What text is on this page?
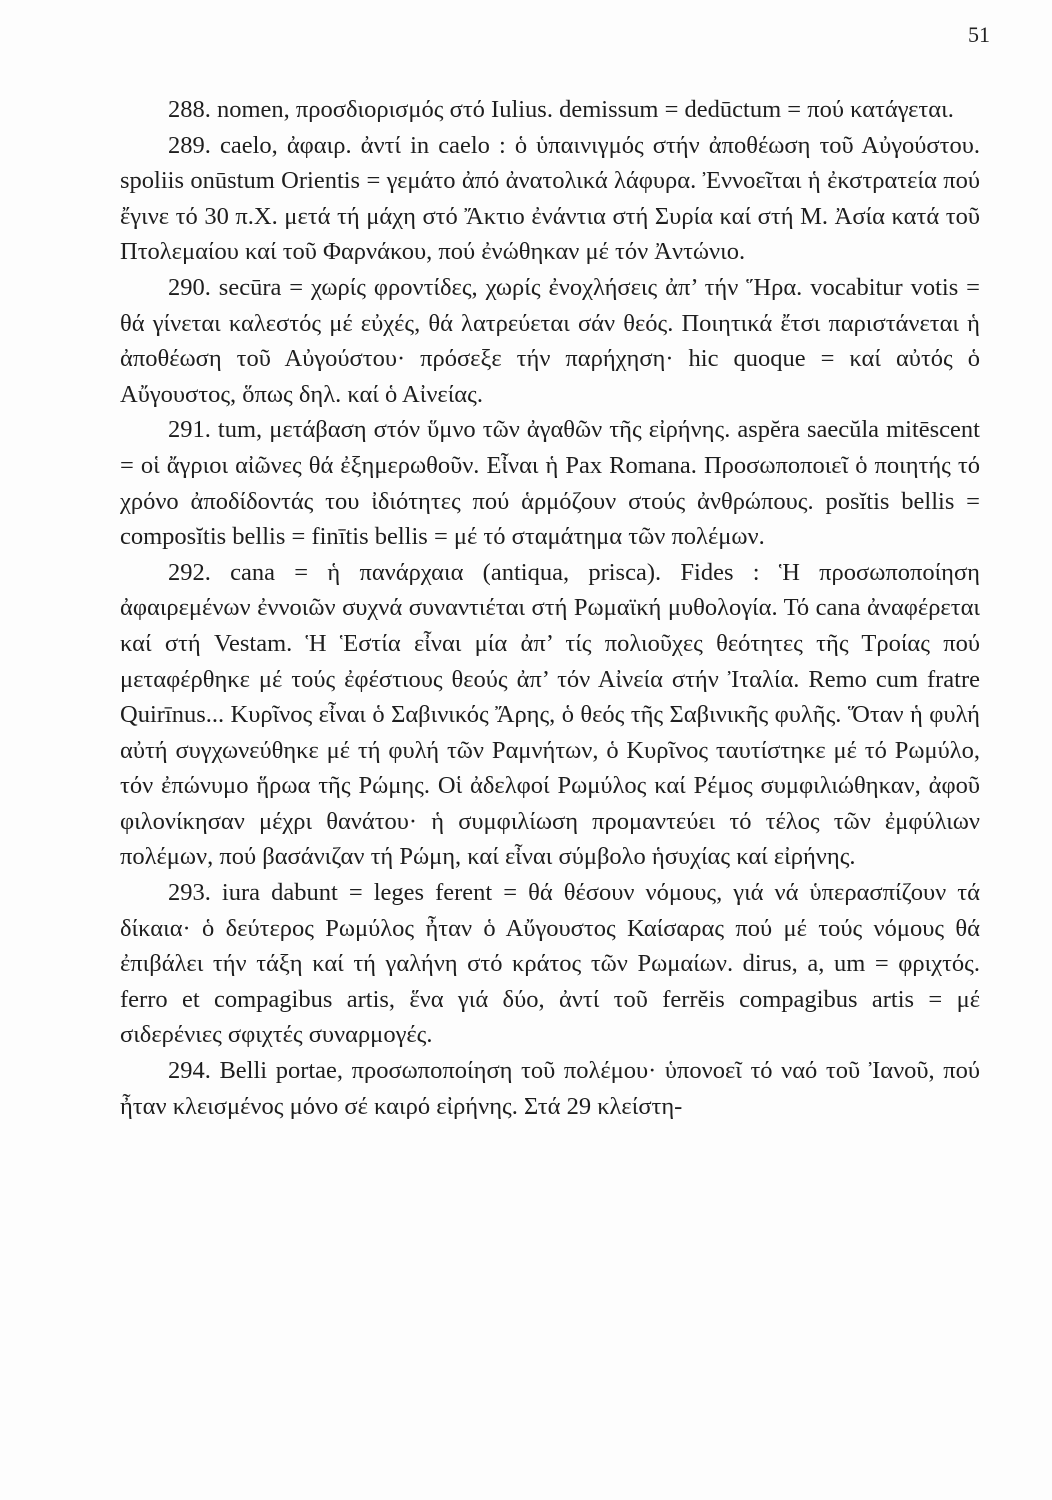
51

288. nomen, προσδιορισμός στό Iulius. demissum = dedūctum = πού κατάγεται.

289. caelo, ἀφαιρ. ἀντί in caelo : ὁ ὑπαινιγμός στήν ἀποθέωση τοῦ Αὐγούστου. spoliis onūstum Orientis = γεμάτο ἀπό ἀνατολικά λάφυρα. Ἐννοεῖται ἡ ἐκστρατεία πού ἔγινε τό 30 π.Χ. μετά τή μάχη στό Ἄκτιο ἐνάντια στή Συρία καί στή Μ. Ἀσία κατά τοῦ Πτολεμαίου καί τοῦ Φαρνάκου, πού ἐνώθηκαν μέ τόν Ἀντώνιο.

290. secūra = χωρίς φροντίδες, χωρίς ἐνοχλήσεις ἀπ’ τήν Ἥρα. vocabitur votis = θά γίνεται καλεστός μέ εὐχές, θά λατρεύεται σάν θεός. Ποιητικά ἔτσι παριστάνεται ἡ ἀποθέωση τοῦ Αὐγούστου· πρόσεξε τήν παρήχηση· hic quoque = καί αὐτός ὁ Αὔγουστος, ὅπως δηλ. καί ὁ Αἰνείας.

291. tum, μετάβαση στόν ὕμνο τῶν ἀγαθῶν τῆς εἰρήνης. aspĕra saecŭla mitēscent = οἱ ἄγριοι αἰῶνες θά ἐξημερωθοῦν. Εἶναι ἡ Pax Romana. Προσωποποιεῖ ὁ ποιητής τό χρόνο ἀποδίδοντάς του ἰδιότητες πού ἁρμόζουν στούς ἀνθρώπους. posĭtis bellis = composĭtis bellis = finītis bellis = μέ τό σταμάτημα τῶν πολέμων.

292. cana = ἡ πανάρχαια (antiqua, prisca). Fides : Ἡ προσωποποίηση ἀφαιρεμένων ἐννοιῶν συχνά συναντιέται στή Ρωμαϊκή μυθολογία. Τό cana ἀναφέρεται καί στή Vestam. Ἡ Ἑστία εἶναι μία ἀπ’ τίς πολιοῦχες θεότητες τῆς Τροίας πού μεταφέρθηκε μέ τούς ἐφέστιους θεούς ἀπ’ τόν Αἰνεία στήν Ἰταλία. Remo cum fratre Quirīnus... Κυρῖνος εἶναι ὁ Σαβινικός Ἄρης, ὁ θεός τῆς Σαβινικῆς φυλῆς. Ὅταν ἡ φυλή αὐτή συγχωνεύθηκε μέ τή φυλή τῶν Ραμνήτων, ὁ Κυρῖνος ταυτίστηκε μέ τό Ρωμύλο, τόν ἐπώνυμο ἥρωα τῆς Ρώμης. Οἱ ἀδελφοί Ρωμύλος καί Ρέμος συμφιλιώθηκαν, ἀφοῦ φιλονίκησαν μέχρι θανάτου· ἡ συμφιλίωση προμαντεύει τό τέλος τῶν ἐμφύλιων πολέμων, πού βασάνιζαν τή Ρώμη, καί εἶναι σύμβολο ἡσυχίας καί εἰρήνης.

293. iura dabunt = leges ferent = θά θέσουν νόμους, γιά νά ὑπερασπίζουν τά δίκαια· ὁ δεύτερος Ρωμύλος ἦταν ὁ Αὔγουστος Καίσαρας πού μέ τούς νόμους θά ἐπιβάλει τήν τάξη καί τή γαλήνη στό κράτος τῶν Ρωμαίων. dirus, a, um = φριχτός. ferro et compagibus artis, ἕνα γιά δύο, ἀντί τοῦ ferrĕis compagibus artis = μέ σιδερένιες σφιχτές συναρμογές.

294. Belli portae, προσωποποίηση τοῦ πολέμου· ὑπονοεῖ τό ναό τοῦ Ἰανοῦ, πού ἦταν κλεισμένος μόνο σέ καιρό εἰρήνης. Στά 29 κλείστη-
